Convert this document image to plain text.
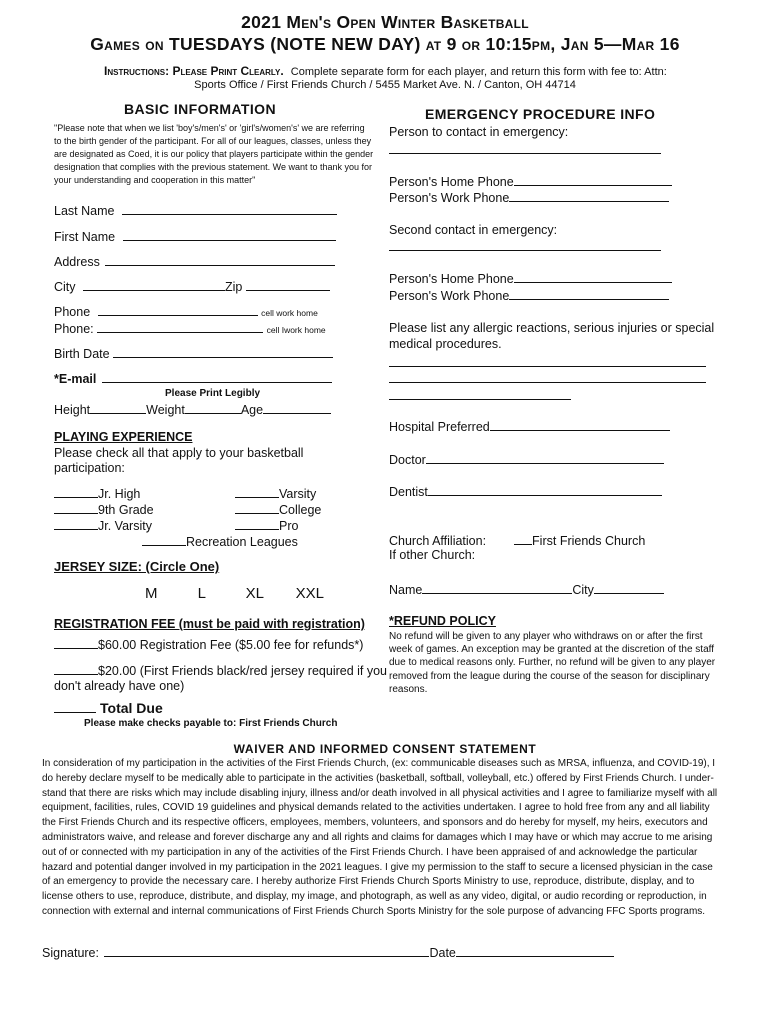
2021 Men's Open Winter Basketball
Games on TUESDAYS (NOTE NEW DAY) at 9 or 10:15pm, Jan 5—Mar 16
Instructions: Please Print Clearly. Complete separate form for each player, and return this form with fee to: Attn:
Sports Office / First Friends Church / 5455 Market Ave. N. / Canton, OH 44714
BASIC INFORMATION
"Please note that when we list 'boy's/men's' or 'girl's/women's' we are referring to the birth gender of the participant. For all of our leagues, classes, unless they are designated as Coed, it is our policy that players participate within the gender designation that complies with the previous statement. We want to thank you for your understanding and cooperation in this matter"
Last Name
First Name
Address
City	Zip
Phone	cell work home
Phone:	cell Iwork home
Birth Date
*E-mail
Please Print Legibly
Height	Weight	Age
PLAYING EXPERIENCE
Please check all that apply to your basketball participation:
Jr. High
9th Grade
Jr. Varsity
Varsity
College
Pro
Recreation Leagues
JERSEY SIZE: (Circle One)
M	L	XL XXL
REGISTRATION FEE (must be paid with registration)
$60.00 Registration Fee ($5.00 fee for refunds*)
$20.00 (First Friends black/red jersey required if you
don't already have one)
Total Due
Please make checks payable to: First Friends Church
EMERGENCY PROCEDURE INFO
Person to contact in emergency:
Person's Home Phone
Person's Work Phone
Second contact in emergency:
Person's Home Phone
Person's Work Phone
Please list any allergic reactions, serious injuries or special medical procedures.
Hospital Preferred
Doctor
Dentist
Church Affiliation:	First Friends Church
If other Church:
Name	City
*REFUND POLICY
No refund will be given to any player who withdraws on or after the first week of games. An exception may be granted at the discretion of the staff due to medical reasons only. Further, no refund will be given to any player removed from the league during the course of the season for disciplinary reasons.
WAIVER AND INFORMED CONSENT STATEMENT
In consideration of my participation in the activities of the First Friends Church, (ex: communicable diseases such as MRSA, influenza, and COVID-19), I
do hereby declare myself to be medically able to participate in the activities (basketball, softball, volleyball, etc.) offered by First Friends Church. I under-
stand that there are risks which may include disabling injury, illness and/or death involved in all physical activities and I agree to familiarize myself with all
equipment, facilities, rules, COVID 19 guidelines and physical demands related to the activities undertaken. I agree to hold free from any and all liability
the First Friends Church and its respective officers, employees, members, volunteers, and sponsors and do hereby for myself, my heirs, executors and
administrators waive, and release and forever discharge any and all rights and claims for damages which I may have or which may accrue to me arising
out of or connected with my participation in any of the activities of the First Friends Church. I have been appraised of and acknowledge the particular
hazard and potential danger involved in my participation in the 2021 leagues. I give my permission to the staff to secure a licensed physician in the case
of an emergency to provide the necessary care. I hereby authorize First Friends Church Sports Ministry to use, reproduce, distribute, display, and to
license others to use, reproduce, distribute, and display, my image, and photograph, as well as any video, digital, or audio recording or reproduction, in
connection with external and internal communications of First Friends Church Sports Ministry for the sole purpose of advancing FFC Sports programs.
Signature:	Date
